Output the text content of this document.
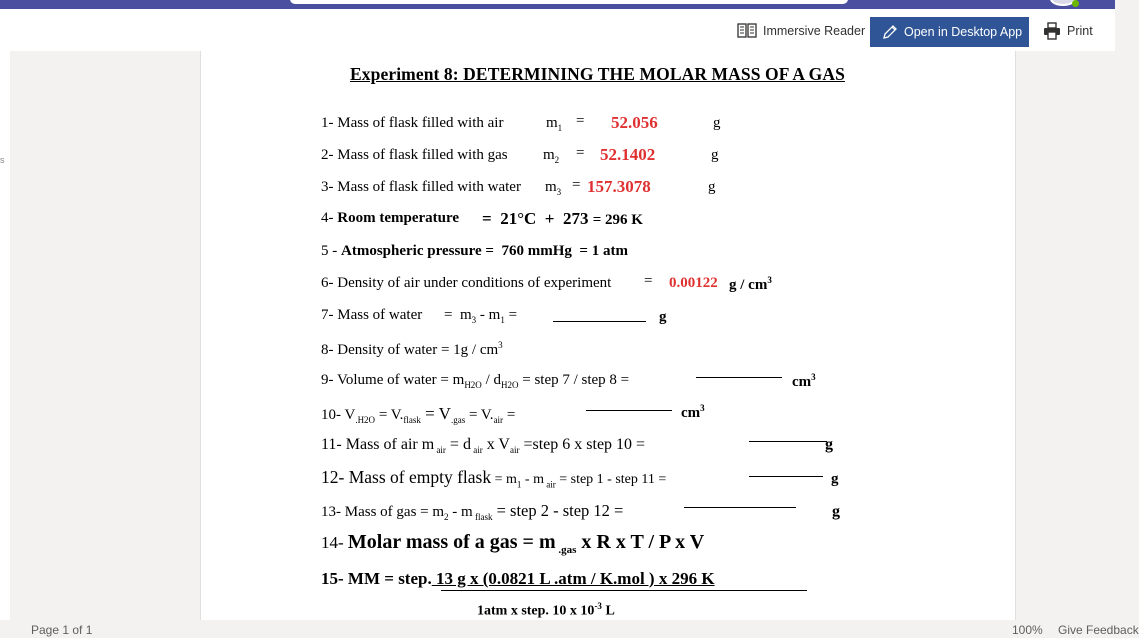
Immersive Reader	Open in Desktop App	Print
s
Experiment 8: DETERMINING THE MOLAR MASS OF A GAS
1- Mass of flask filled with air	$m_1 = 52.056$	g
2- Mass of flask filled with gas $m_2 = 52.1402$	g
3- Mass of flask filled with water $m_3 = 157.3078$	g
4- Room temperature = 21°C + 273 = 296 K
5 - Atmospheric pressure = 760 mmHg = 1 atm
6- Density of air under conditions of experiment = 0.00122 g / $cm^3$
7- Mass of water = $m_3 - m_1$ =	g
8- Density of water = $1g / cm^3$
9- Volume of water = $m_{H2O} / d_{H2O}$ = step 7 / step 8 =	$cm^3$
10- $V_{.H2O} = V._{flask} = V_{.gas} = V._{air}$ =	$cm^3$
11- Mass of air m $_{air}$ = d $_{air}$ x $V_{air}$ =step 6 x step 10 =	g
12- Mass of empty flask = $m_1$ - m $_{air}$ = step 1 - step 11 =	g
13- Mass of gas = $m_2$ - m $_{flask}$ = step 2 - step 12 =	g
14- Molar mass of a gas = m $_{.gas}$ x R x T / P x V
15- MM = step. 13 g x (0.0821 L .atm / K.mol ) x 296 K
1atm x step. 10 x $10^{-3}$ L
Page 1 of 1	100% Give Feedback
